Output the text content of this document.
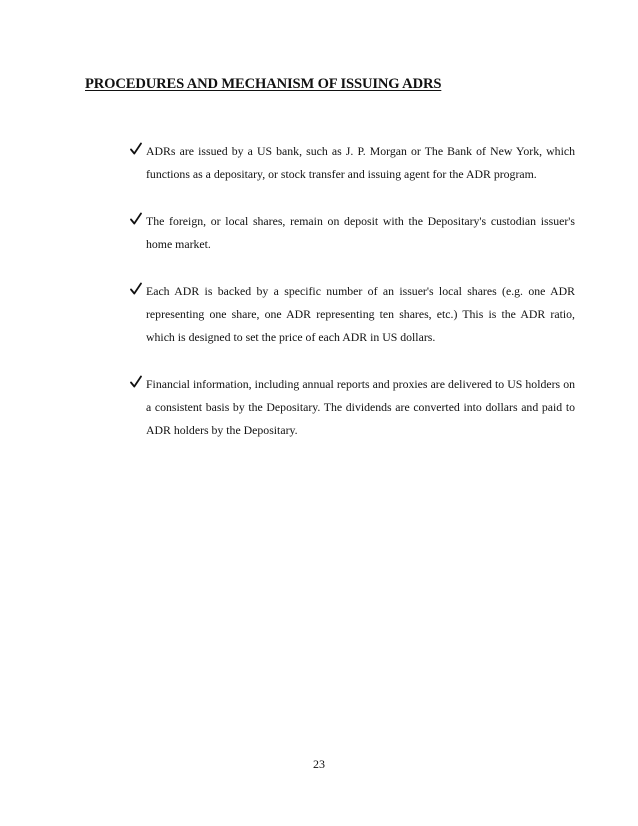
PROCEDURES AND MECHANISM OF ISSUING ADRS
ADRs are issued by a US bank, such as J. P. Morgan or The Bank of New York, which functions as a depositary, or stock transfer and issuing agent for the ADR program.
The foreign, or local shares, remain on deposit with the Depositary's custodian issuer's home market.
Each ADR is backed by a specific number of an issuer's local shares (e.g. one ADR representing one share, one ADR representing ten shares, etc.) This is the ADR ratio, which is designed to set the price of each ADR in US dollars.
Financial information, including annual reports and proxies are delivered to US holders on a consistent basis by the Depositary. The dividends are converted into dollars and paid to ADR holders by the Depositary.
23
